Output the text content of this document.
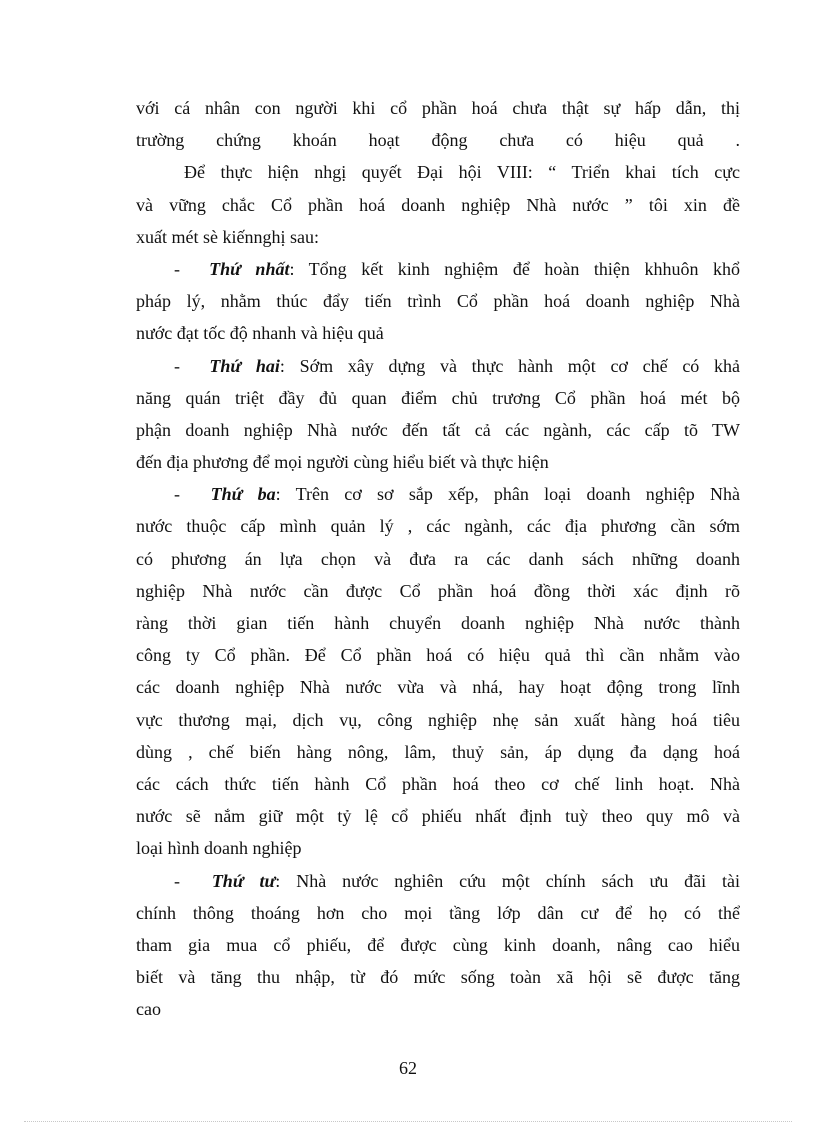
với cá nhân con người khi cổ phần hoá chưa thật sự hấp dẫn, thị
trường chứng khoán hoạt động chưa có hiệu quả .
Để thực hiện nhgị quyết Đại hội VIII: “ Triển khai tích cực
và vững chắc Cổ phần hoá doanh nghiệp Nhà nước ” tôi xin đề
xuất mét sè kiếnnghị sau:
- Thứ nhất: Tổng kết kinh nghiệm để hoàn thiện khhuôn khổ
pháp lý, nhằm thúc đẩy tiến trình Cổ phần hoá doanh nghiệp Nhà
nước đạt tốc độ nhanh và hiệu quả
- Thứ hai: Sớm xây dựng và thực hành một cơ chế có khả
năng quán triệt đầy đủ quan điểm chủ trương Cổ phần hoá mét bộ
phận doanh nghiệp Nhà nước đến tất cả các ngành, các cấp tõ TW
đến địa phương để mọi người cùng hiểu biết và thực hiện
- Thứ ba: Trên cơ sơ sắp xếp, phân loại doanh nghiệp Nhà
nước thuộc cấp mình quản lý , các ngành, các địa phương cần sớm
có phương án lựa chọn và đưa ra các danh sách những doanh
nghiệp Nhà nước cần được Cổ phần hoá đồng thời xác định rõ
ràng thời gian tiến hành chuyển doanh nghiệp Nhà nước thành
công ty Cổ phần. Để Cổ phần hoá có hiệu quả thì cần nhằm vào
các doanh nghiệp Nhà nước vừa và nhá, hay hoạt động trong lĩnh
vực thương mại, dịch vụ, công nghiệp nhẹ sản xuất hàng hoá tiêu
dùng , chế biến hàng nông, lâm, thuỷ sản, áp dụng đa dạng hoá
các cách thức tiến hành Cổ phần hoá theo cơ chế linh hoạt. Nhà
nước sẽ nắm giữ một tỷ lệ cổ phiếu nhất định tuỳ theo quy mô và
loại hình doanh nghiệp
- Thứ tư: Nhà nước nghiên cứu một chính sách ưu đãi tài
chính thông thoáng hơn cho mọi tầng lớp dân cư để họ có thể
tham gia mua cổ phiếu, để được cùng kinh doanh, nâng cao hiểu
biết và tăng thu nhập, từ đó mức sống toàn xã hội sẽ được tăng
cao
62
